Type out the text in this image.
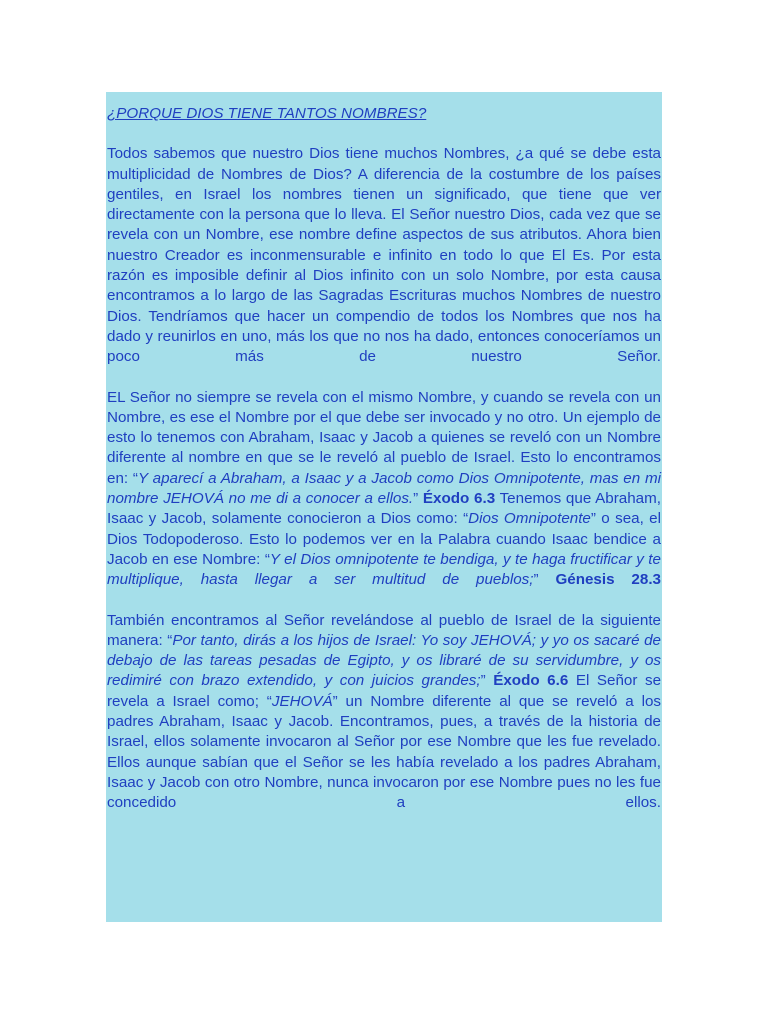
¿PORQUE DIOS TIENE TANTOS NOMBRES?

Todos sabemos que nuestro Dios tiene muchos Nombres, ¿a qué se debe esta multiplicidad de Nombres de Dios? A diferencia de la costumbre de los países gentiles, en Israel los nombres tienen un significado, que tiene que ver directamente con la persona que lo lleva. El Señor nuestro Dios, cada vez que se revela con un Nombre, ese nombre define aspectos de sus atributos. Ahora bien nuestro Creador es inconmensurable e infinito en todo lo que El Es. Por esta razón es imposible definir al Dios infinito con un solo Nombre, por esta causa encontramos a lo largo de las Sagradas Escrituras muchos Nombres de nuestro Dios. Tendríamos que hacer un compendio de todos los Nombres que nos ha dado y reunirlos en uno, más los que no nos ha dado, entonces conoceríamos un poco más de nuestro Señor.

EL Señor no siempre se revela con el mismo Nombre, y cuando se revela con un Nombre, es ese el Nombre por el que debe ser invocado y no otro. Un ejemplo de esto lo tenemos con Abraham, Isaac y Jacob a quienes se reveló con un Nombre diferente al nombre en que se le reveló al pueblo de Israel. Esto lo encontramos en: “Y aparecí a Abraham, a Isaac y a Jacob como Dios Omnipotente, mas en mi nombre JEHOVÁ no me di a conocer a ellos.” Éxodo 6.3 Tenemos que Abraham, Isaac y Jacob, solamente conocieron a Dios como: “Dios Omnipotente” o sea, el Dios Todopoderoso. Esto lo podemos ver en la Palabra cuando Isaac bendice a Jacob en ese Nombre: “Y el Dios omnipotente te bendiga, y te haga fructificar y te multiplique, hasta llegar a ser multitud de pueblos;” Génesis 28.3

También encontramos al Señor revelándose al pueblo de Israel de la siguiente manera: “Por tanto, dirás a los hijos de Israel: Yo soy JEHOVÁ; y yo os sacaré de debajo de las tareas pesadas de Egipto, y os libraré de su servidumbre, y os redimiré con brazo extendido, y con juicios grandes;” Éxodo 6.6 El Señor se revela a Israel como; “JEHOVÁ” un Nombre diferente al que se reveló a los padres Abraham, Isaac y Jacob. Encontramos, pues, a través de la historia de Israel, ellos solamente invocaron al Señor por ese Nombre que les fue revelado. Ellos aunque sabían que el Señor se les había revelado a los padres Abraham, Isaac y Jacob con otro Nombre, nunca invocaron por ese Nombre pues no les fue concedido a ellos.
